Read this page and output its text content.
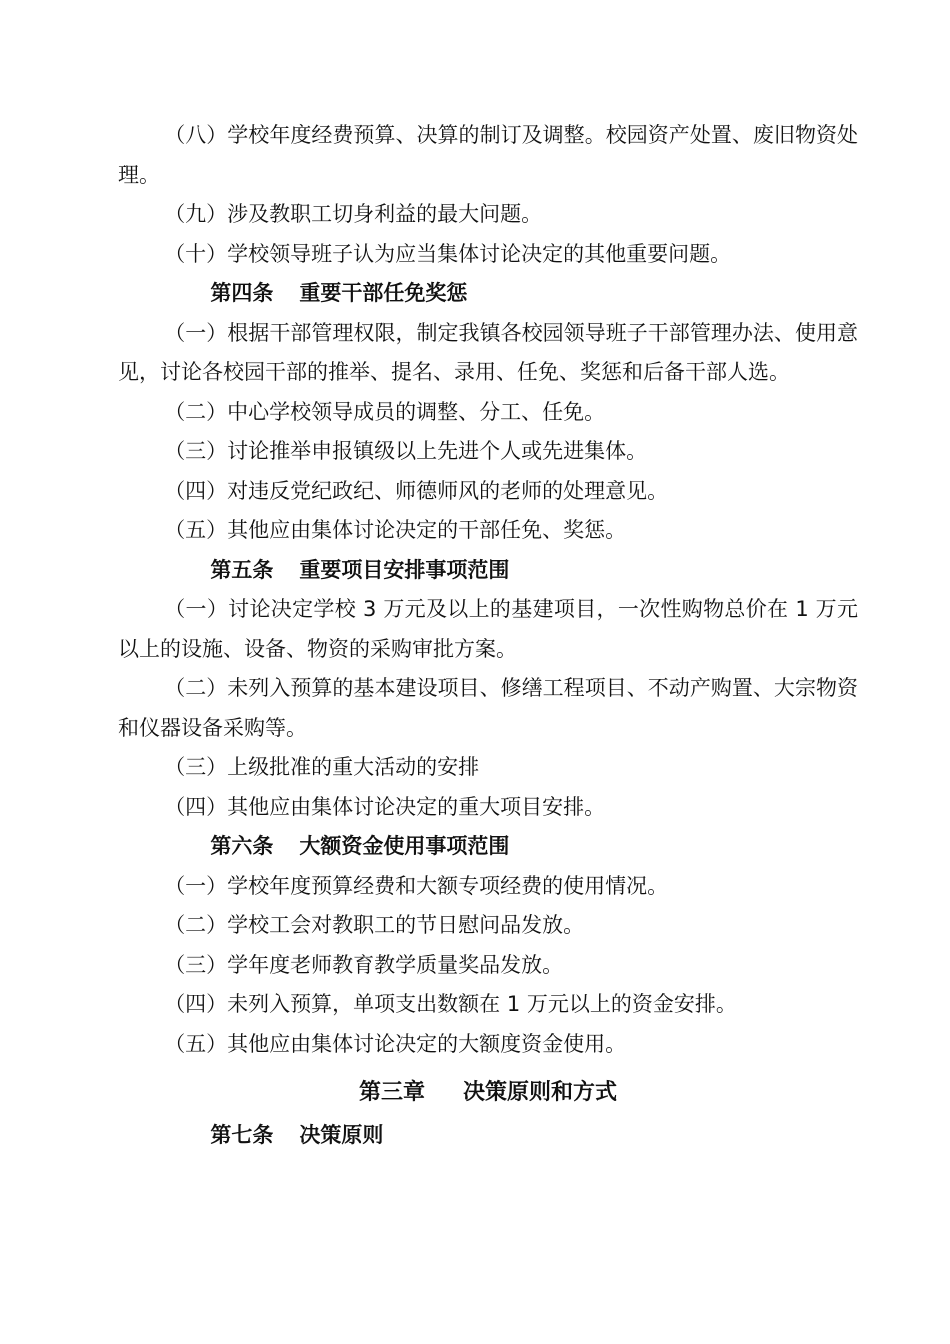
（八）学校年度经费预算、决算的制订及调整。校园资产处置、废旧物资处理。

（九）涉及教职工切身利益的最大问题。

（十）学校领导班子认为应当集体讨论决定的其他重要问题。

第四条 重要干部任免奖惩

（一）根据干部管理权限，制定我镇各校园领导班子干部管理办法、使用意见，讨论各校园干部的推举、提名、录用、任免、奖惩和后备干部人选。

（二）中心学校领导成员的调整、分工、任免。

（三）讨论推举申报镇级以上先进个人或先进集体。

（四）对违反党纪政纪、师德师风的老师的处理意见。

（五）其他应由集体讨论决定的干部任免、奖惩。

第五条 重要项目安排事项范围

（一）讨论决定学校 3 万元及以上的基建项目，一次性购物总价在 1 万元以上的设施、设备、物资的采购审批方案。

（二）未列入预算的基本建设项目、修缮工程项目、不动产购置、大宗物资和仪器设备采购等。

（三）上级批准的重大活动的安排

（四）其他应由集体讨论决定的重大项目安排。

第六条 大额资金使用事项范围

（一）学校年度预算经费和大额专项经费的使用情况。

（二）学校工会对教职工的节日慰问品发放。

（三）学年度老师教育教学质量奖品发放。

（四）未列入预算，单项支出数额在 1 万元以上的资金安排。

（五）其他应由集体讨论决定的大额度资金使用。

第三章 决策原则和方式

第七条 决策原则
